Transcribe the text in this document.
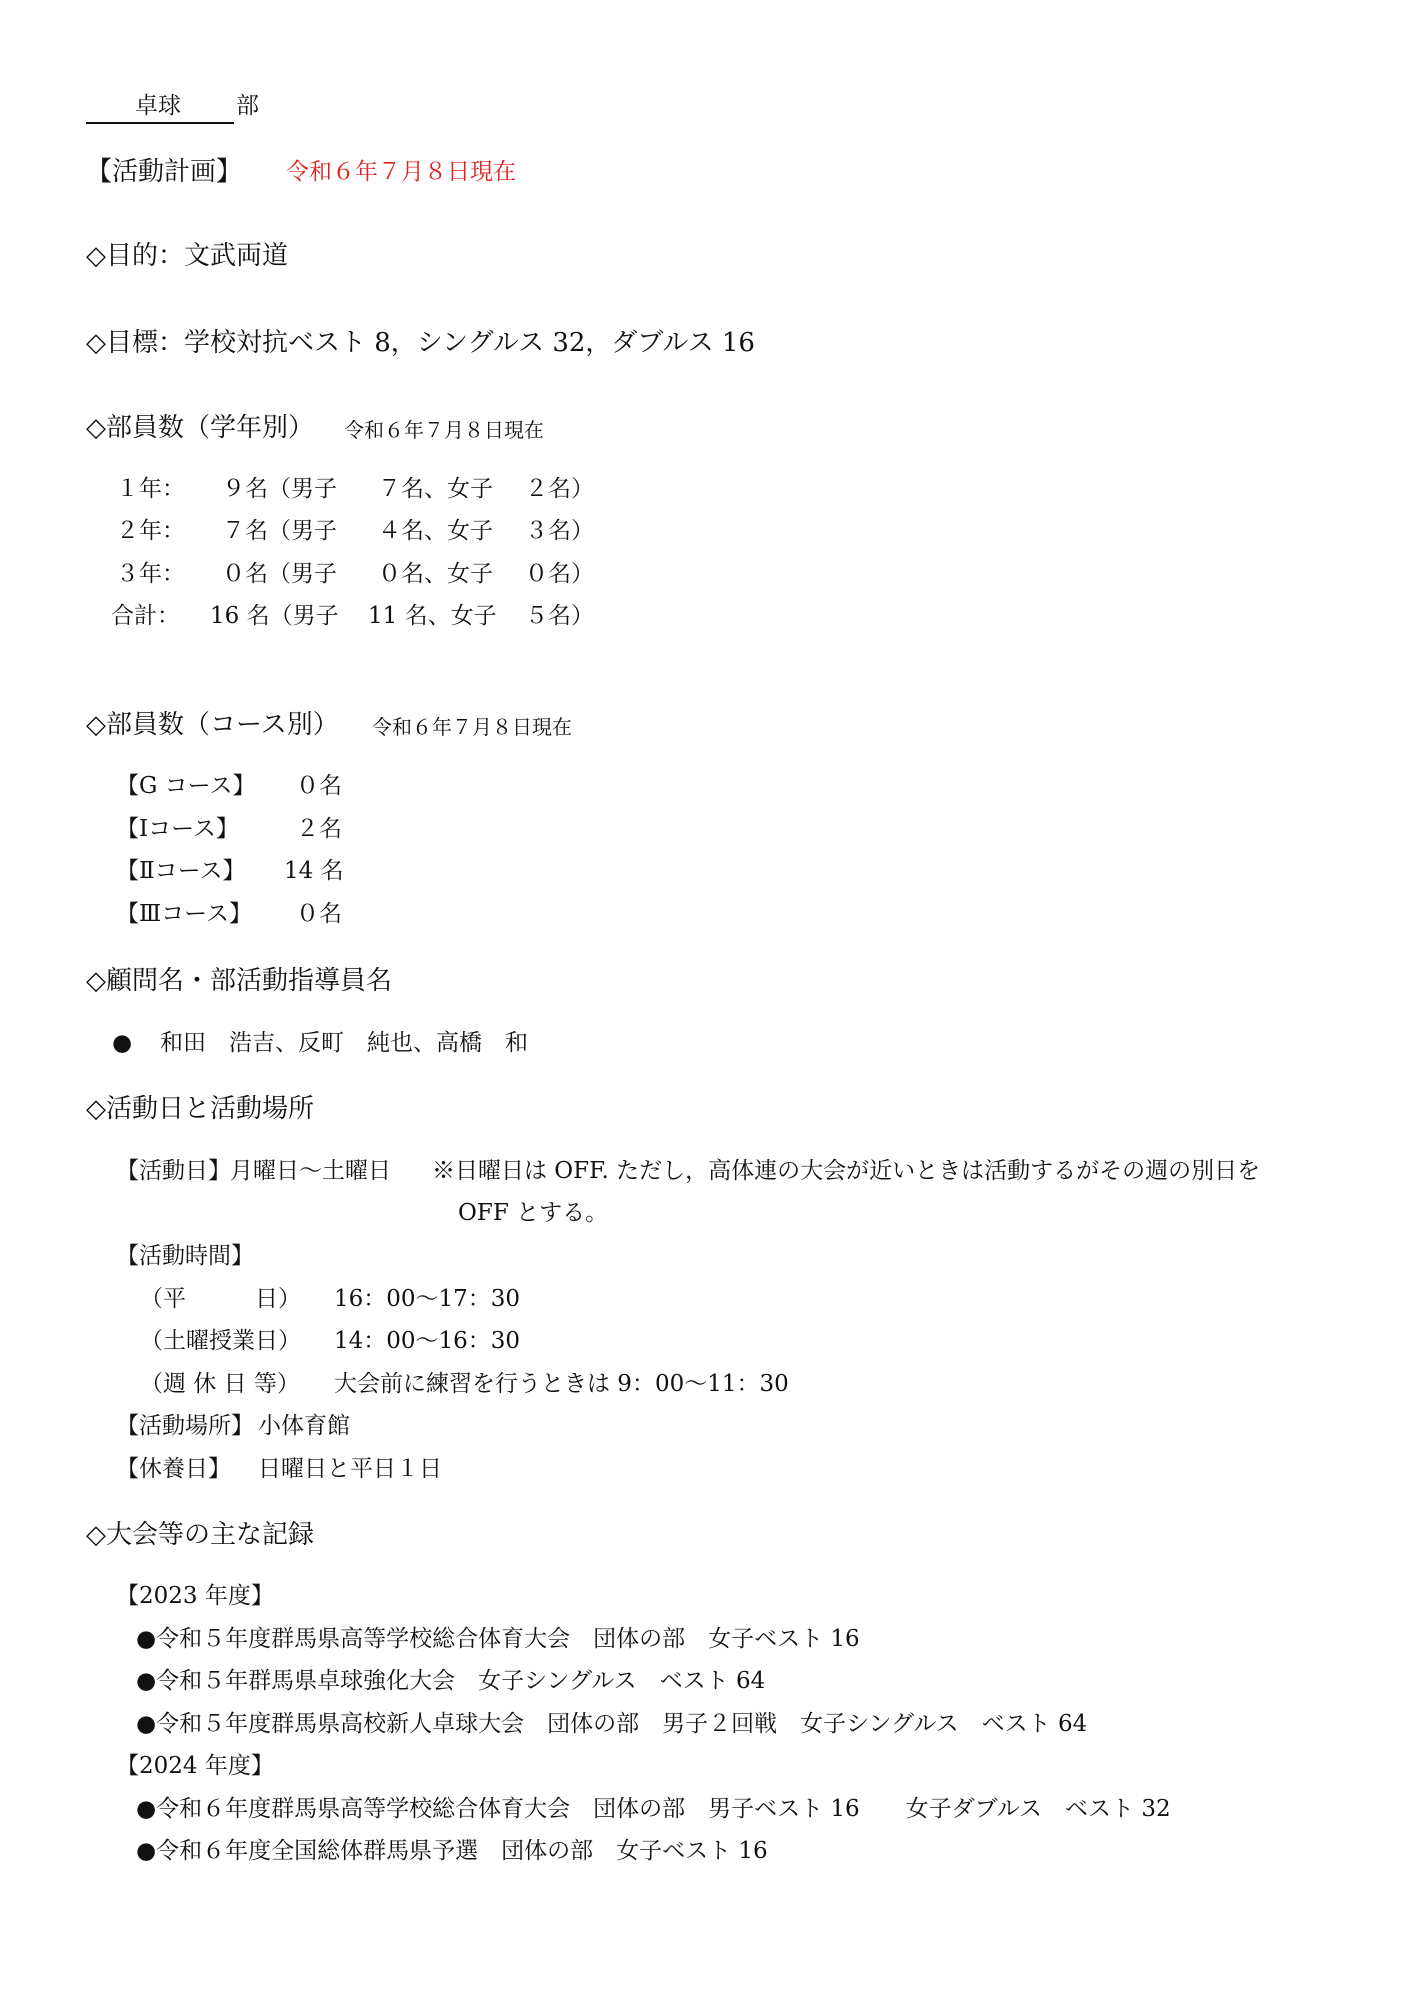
卓球 部
【活動計画】 令和６年７月８日現在
◇目的：文武両道
◇目標：学校対抗ベスト 8，シングルス 32，ダブルス 16
◇部員数（学年別） 令和６年７月８日現在
１年： ９名（男子 ７名、女子 ２名）
２年： ７名（男子 ４名、女子 ３名）
３年： ０名（男子 ０名、女子 ０名）
合計： 16 名（男子 11 名、女子 ５名）
◇部員数（コース別） 令和６年７月８日現在
【G コース】 ０名
【Ⅰコース】 ２名
【Ⅱコース】 14 名
【Ⅲコース】 ０名
◇顧問名・部活動指導員名
● 和田　浩吉、反町　純也、高橋　和
◇活動日と活動場所
【活動日】 月曜日～土曜日 ※日曜日は OFF. ただし，高体連の大会が近いときは活動するがその週の別日を
OFF とする。
【活動時間】
（平　　　日） 16：00～17：30
（土曜授業日） 14：00～16：30
（週 休 日 等） 大会前に練習を行うときは 9：00～11：30
【活動場所】 小体育館
【休養日】 日曜日と平日１日
◇大会等の主な記録
【2023 年度】
●令和５年度群馬県高等学校総合体育大会　団体の部　女子ベスト 16
●令和５年群馬県卓球強化大会　女子シングルス　ベスト 64
●令和５年度群馬県高校新人卓球大会　団体の部　男子２回戦　女子シングルス　ベスト 64
【2024 年度】
●令和６年度群馬県高等学校総合体育大会　団体の部　男子ベスト 16　　女子ダブルス　ベスト 32
●令和６年度全国総体群馬県予選　団体の部　女子ベスト 16
